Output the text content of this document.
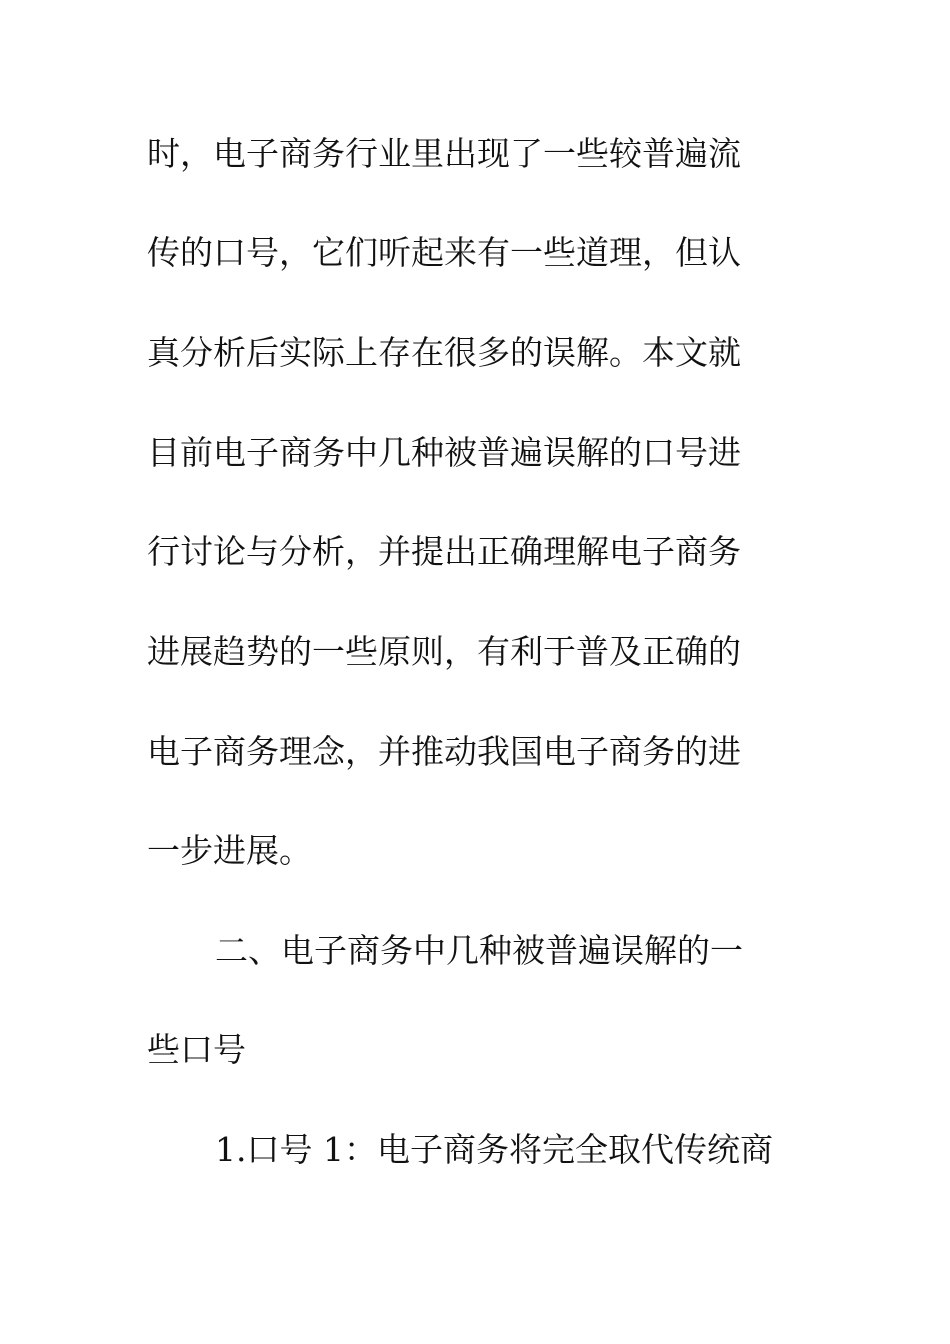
时，电子商务行业里出现了一些较普遍流

传的口号，它们听起来有一些道理，但认

真分析后实际上存在很多的误解。本文就

目前电子商务中几种被普遍误解的口号进

行讨论与分析，并提出正确理解电子商务

进展趋势的一些原则，有利于普及正确的

电子商务理念，并推动我国电子商务的进

一步进展。

二、电子商务中几种被普遍误解的一

些口号

1.口号 1：电子商务将完全取代传统商
